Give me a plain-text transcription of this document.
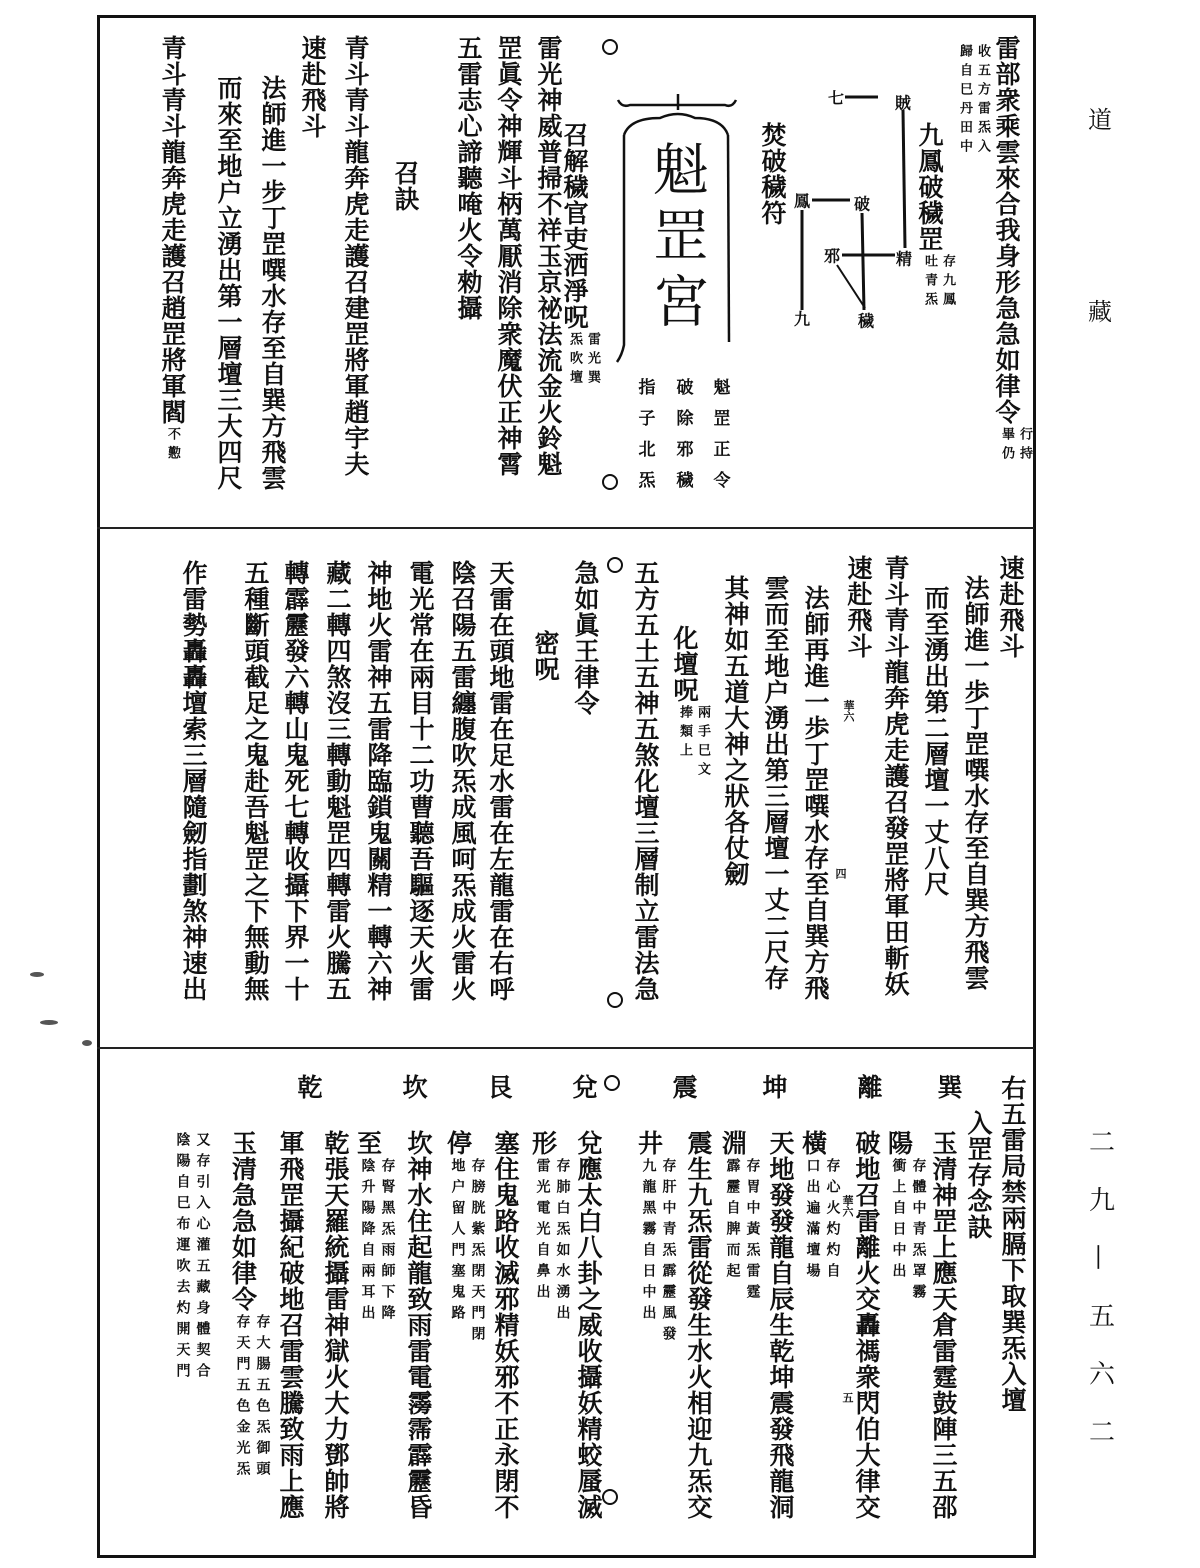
道
藏
二九—五六二
魁罡宮
七	賊
鳳	破
邪	精
九	穢
魁罡正令
破除邪穢
指子北炁
華六
四
華六
五
雷部衆乘雲來合我身形急急如律令
行持
畢仍
收五方雷炁入
歸自巳丹田中
九鳳破穢罡
存九鳳
吐青炁
焚破穢符
召解穢官吏洒淨呪
雷光巽
炁吹壇
雷光神威普掃不祥玉京祕法流金火鈴魁
罡眞令神輝斗柄萬厭消除衆魔伏正神霄
五雷志心諦聽唵火令勑攝
召訣
青斗青斗龍奔虎走護召建罡將軍趙宇夫
速赴飛斗
法師進一步丁罡噀水存至自巽方飛雲
而來至地户立湧出第一層壇三大四尺
青斗青斗龍奔虎走護召趙罡將軍閻
不懃
速赴飛斗
法師進一歩丁罡噀水存至自巽方飛雲
而至湧出第二層壇一丈八尺
青斗青斗龍奔虎走護召發罡將軍田斬妖
速赴飛斗
法師再進一歩丁罡噀水存至自巽方飛
雲而至地户湧出第三層壇一丈二尺存
其神如五道大神之狀各仗劒
化壇呪
兩手巳文
捧類上
五方五土五神五煞化壇三層制立雷法急
急如眞王律令
密呪
天雷在頭地雷在足水雷在左龍雷在右呼
陰召陽五雷纏腹吹炁成風呵炁成火雷火
電光常在兩目十二功曹聽吾驅逐天火雷
神地火雷神五雷降臨鎖鬼關精一轉六神
藏二轉四煞沒三轉動魁罡四轉雷火騰五
轉霹靂發六轉山鬼死七轉收攝下界一十
五種斷頭截足之鬼赴吾魁罡之下無動無
作雷勢轟轟壇索三層隨劒指劃煞神速出
右五雷局禁兩膈下取巽炁入壇
入罡存念訣
玉清神罡上應天倉雷霆鼓陣三五邵
陽
存體中青炁罩霧
衝上自日中出
破地召雷離火交轟禡衆閃伯大律交
橫
存心火灼灼自
口出遍滿壇場
天地發發龍自辰生乾坤震發飛龍洞
淵
存胃中黃炁雷霆
霹靂自脾而起
震生九炁雷從發生水火相迎九炁交
井
存肝中青炁霹靂風發
九龍黑霧自日中出
兌應太白八卦之威收攝妖精蛟蜃滅
形
存肺白炁如水湧出
雷光電光自鼻出
塞住鬼路收滅邪精妖邪不正永閉不
停
存膀胱紫炁閉天門閉
地户留人門塞鬼路
坎神水住起龍致雨雷電霶霈霹靂昏
至
存腎黑炁雨師下降
陰升陽降自兩耳出
乾張天羅統攝雷神獄火大力鄧帥將
軍飛罡攝紀破地召雷雲騰致雨上應
玉清急急如律令
存大腸五色炁御頭
存天門五色金光炁
又存引入心灌五藏身體契合
陰陽自巳布運吹去灼開天門
巽
離
坤
震
兌
艮
坎
乾
